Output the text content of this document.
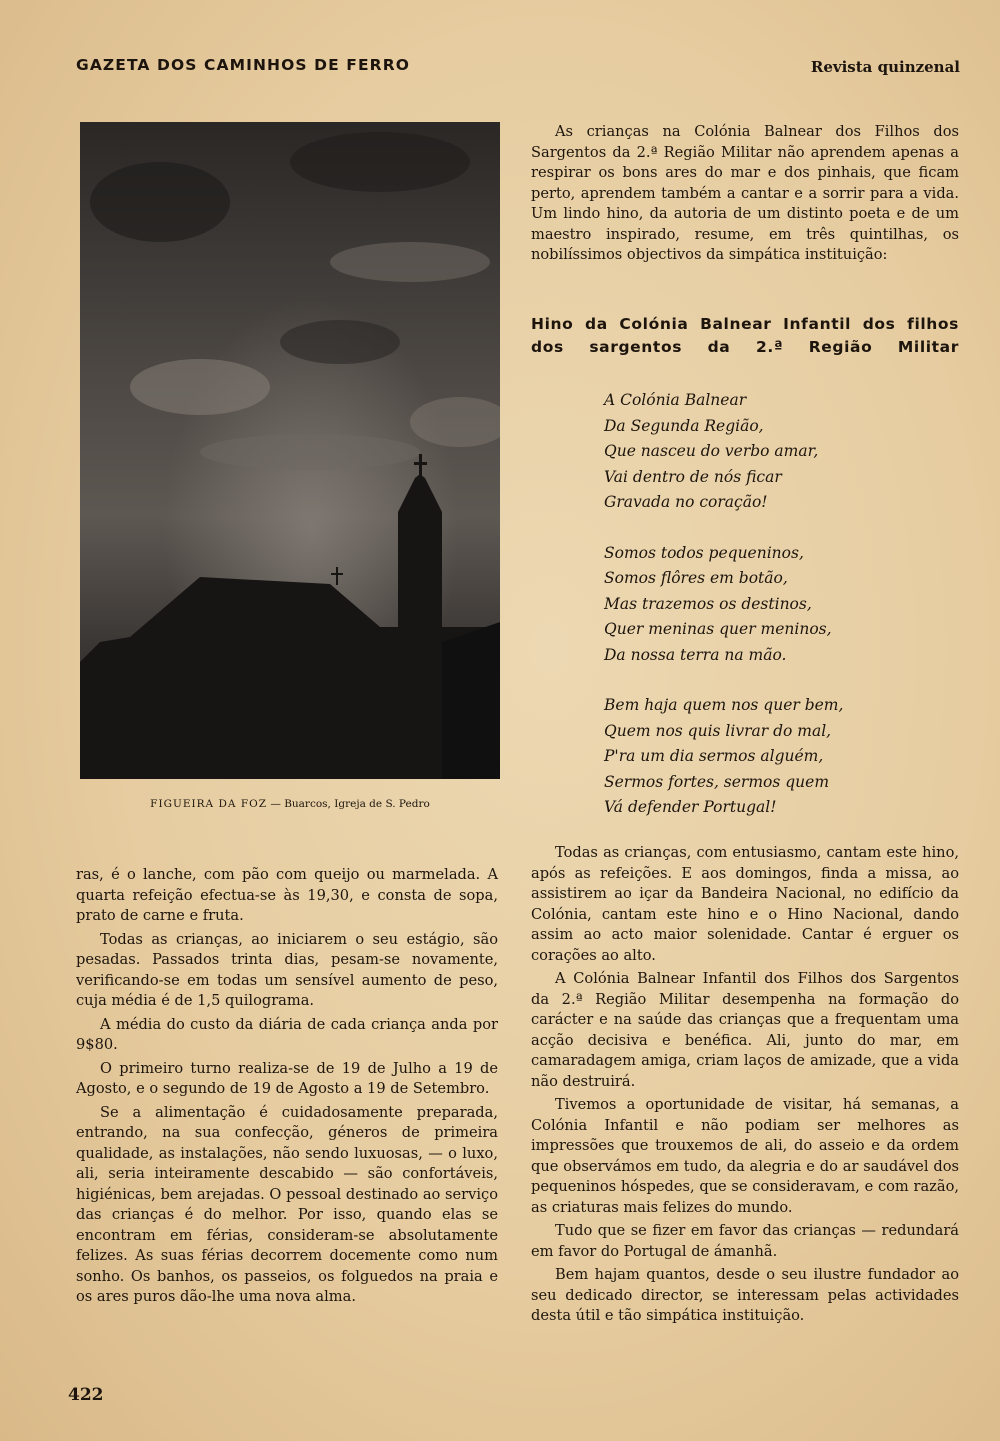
GAZETA DOS CAMINHOS DE FERRO	Revista quinzenal
FIGUEIRA DA FOZ — Buarcos, Igreja de S. Pedro

As crianças na Colónia Balnear dos Filhos dos Sargentos da 2.ª Região Militar não aprendem apenas a respirar os bons ares do mar e dos pinhais, que ficam perto, aprendem também a cantar e a sorrir para a vida. Um lindo hino, da autoria de um distinto poeta e de um maestro inspirado, resume, em três quintilhas, os nobilíssimos objectivos da simpática instituição:

Hino da Colónia Balnear Infantil dos filhos dos sargentos da 2.ª Região Militar
A Colónia Balnear
Da Segunda Região,
Que nasceu do verbo amar,
Vai dentro de nós ficar
Gravada no coração!
Somos todos pequeninos,
Somos flôres em botão,
Mas trazemos os destinos,
Quer meninas quer meninos,
Da nossa terra na mão.
Bem haja quem nos quer bem,
Quem nos quis livrar do mal,
P'ra um dia sermos alguém,
Sermos fortes, sermos quem
Vá defender Portugal!

ras, é o lanche, com pão com queijo ou marmelada. A quarta refeição efectua-se às 19,30, e consta de sopa, prato de carne e fruta.

Todas as crianças, ao iniciarem o seu estágio, são pesadas. Passados trinta dias, pesam-se novamente, verificando-se em todas um sensível aumento de peso, cuja média é de 1,5 quilograma.

A média do custo da diária de cada criança anda por 9$80.

O primeiro turno realiza-se de 19 de Julho a 19 de Agosto, e o segundo de 19 de Agosto a 19 de Setembro.

Se a alimentação é cuidadosamente preparada, entrando, na sua confecção, géneros de primeira qualidade, as instalações, não sendo luxuosas, — o luxo, ali, seria inteiramente descabido — são confortáveis, higiénicas, bem arejadas. O pessoal destinado ao serviço das crianças é do melhor. Por isso, quando elas se encontram em férias, consideram-se absolutamente felizes. As suas férias decorrem docemente como num sonho. Os banhos, os passeios, os folguedos na praia e os ares puros dão-lhe uma nova alma.

Todas as crianças, com entusiasmo, cantam este hino, após as refeições. E aos domingos, finda a missa, ao assistirem ao içar da Bandeira Nacional, no edifício da Colónia, cantam este hino e o Hino Nacional, dando assim ao acto maior solenidade. Cantar é erguer os corações ao alto.

A Colónia Balnear Infantil dos Filhos dos Sargentos da 2.ª Região Militar desempenha na formação do carácter e na saúde das crianças que a frequentam uma acção decisiva e benéfica. Ali, junto do mar, em camaradagem amiga, criam laços de amizade, que a vida não destruirá.

Tivemos a oportunidade de visitar, há semanas, a Colónia Infantil e não podiam ser melhores as impressões que trouxemos de ali, do asseio e da ordem que observámos em tudo, da alegria e do ar saudável dos pequeninos hóspedes, que se consideravam, e com razão, as criaturas mais felizes do mundo.

Tudo que se fizer em favor das crianças — redundará em favor do Portugal de ámanhã.

Bem hajam quantos, desde o seu ilustre fundador ao seu dedicado director, se interessam pelas actividades desta útil e tão simpática instituição.

422
